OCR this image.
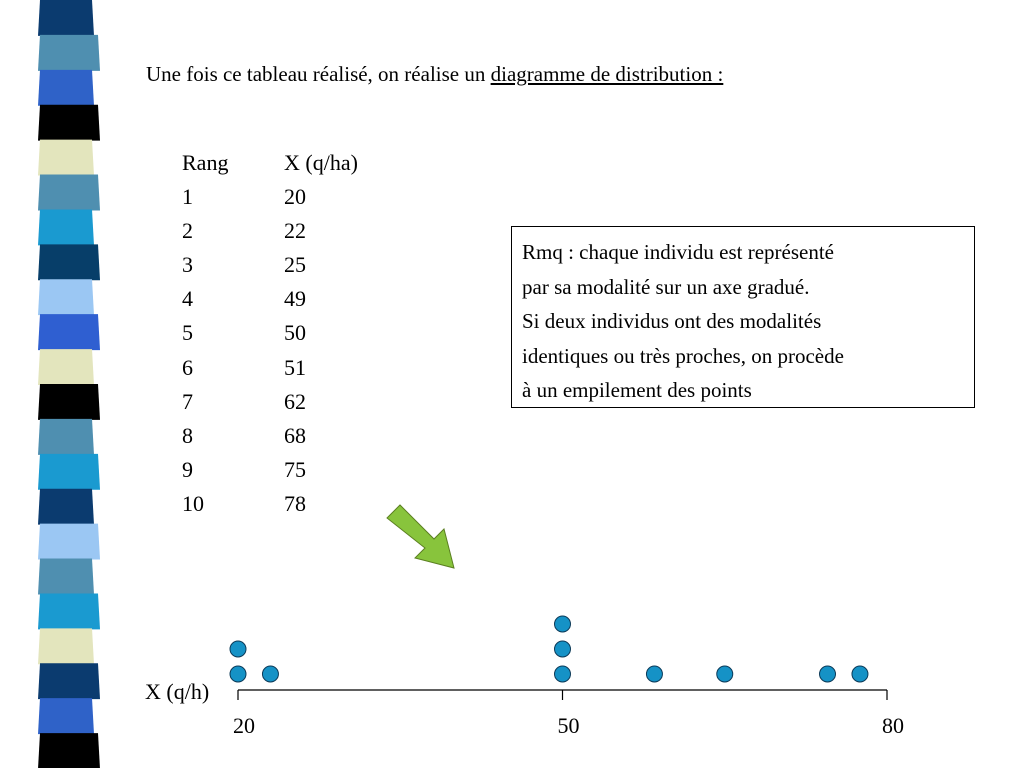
Une fois ce tableau réalisé, on réalise un diagramme de distribution :
Rang	X (q/ha)
1	20
2	22
3	25
4	49
5	50
6	51
7	62
8	68
9	75
10	78

Rmq : chaque individu est représenté

par sa modalité sur un axe gradué.

Si deux individus ont des modalités

identiques ou très proches, on procède

à un empilement des points

20	50	80
X (q/h)
